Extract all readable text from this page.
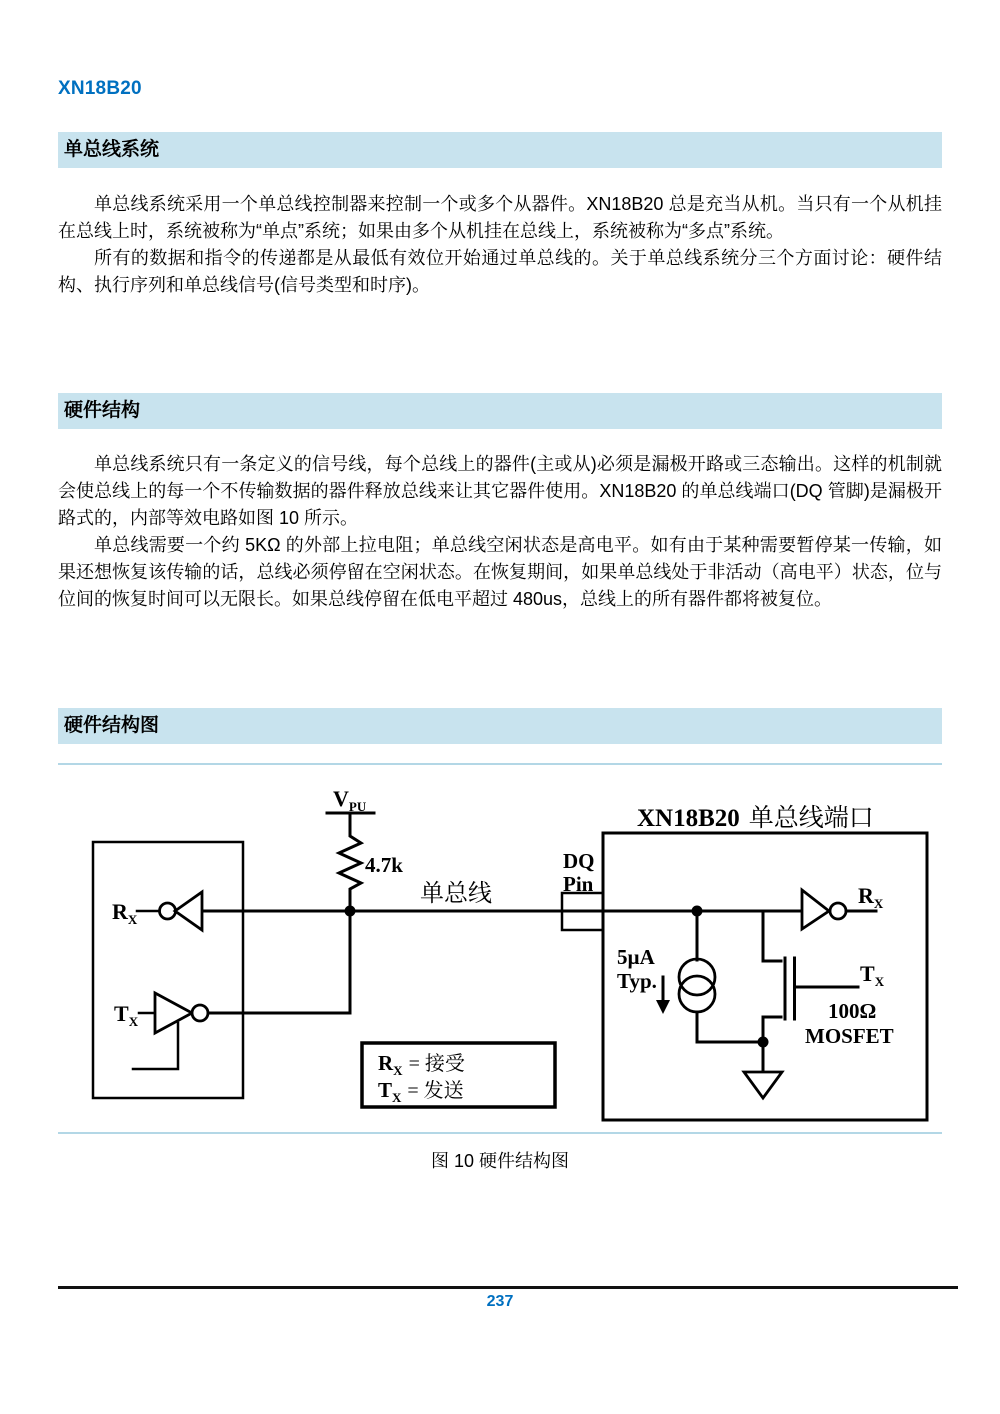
XN18B20
单总线系统

单总线系统采用一个单总线控制器来控制一个或多个从器件。XN18B20 总是充当从机。当只有一个从机挂在总线上时，系统被称为“单点”系统；如果由多个从机挂在总线上，系统被称为“多点”系统。

所有的数据和指令的传递都是从最低有效位开始通过单总线的。关于单总线系统分三个方面讨论：硬件结构、执行序列和单总线信号(信号类型和时序)。

硬件结构

单总线系统只有一条定义的信号线，每个总线上的器件(主或从)必须是漏极开路或三态输出。这样的机制就会使总线上的每一个不传输数据的器件释放总线来让其它器件使用。XN18B20 的单总线端口(DQ 管脚)是漏极开路式的，内部等效电路如图 10 所示。

单总线需要一个约 5KΩ 的外部上拉电阻；单总线空闲状态是高电平。如有由于某种需要暂停某一传输，如果还想恢复该传输的话，总线必须停留在空闲状态。在恢复期间，如果单总线处于非活动（高电平）状态，位与位间的恢复时间可以无限长。如果总线停留在低电平超过 480us，总线上的所有器件都将被复位。

硬件结构图
$V_{PU}$
4.7k
单总线
$R_X$
$T_X$
DQ
Pin
XN18B20 单总线端口
$R_X$
5µA
Typ.	$T_X$
100Ω
MOSFET
$R_X$ = 接受
$T_X$ = 发送
图 10 硬件结构图
237
